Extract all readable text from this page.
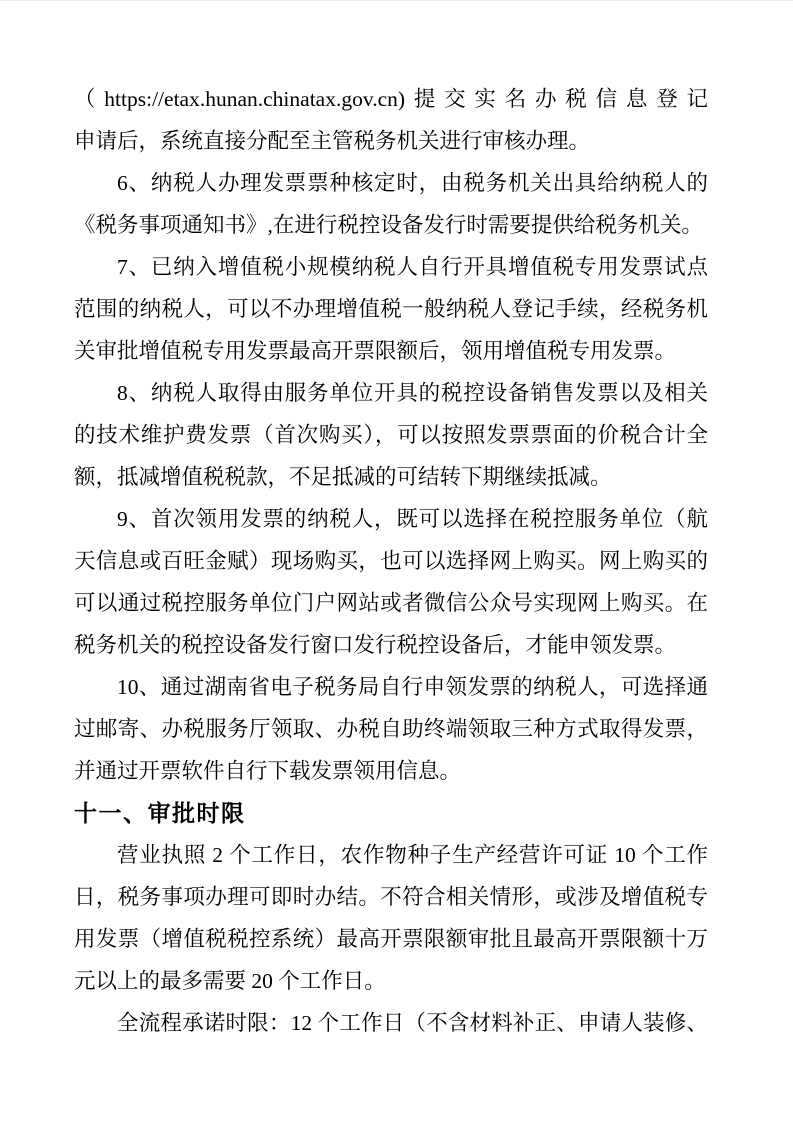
（https://etax.hunan.chinatax.gov.cn)提交实名办税信息登记
申请后，系统直接分配至主管税务机关进行审核办理。
6、纳税人办理发票票种核定时，由税务机关出具给纳税人的
《税务事项通知书》,在进行税控设备发行时需要提供给税务机关。
7、已纳入增值税小规模纳税人自行开具增值税专用发票试点
范围的纳税人，可以不办理增值税一般纳税人登记手续，经税务机
关审批增值税专用发票最高开票限额后，领用增值税专用发票。
8、纳税人取得由服务单位开具的税控设备销售发票以及相关
的技术维护费发票（首次购买），可以按照发票票面的价税合计全
额，抵减增值税税款，不足抵减的可结转下期继续抵减。
9、首次领用发票的纳税人，既可以选择在税控服务单位（航
天信息或百旺金赋）现场购买，也可以选择网上购买。网上购买的
可以通过税控服务单位门户网站或者微信公众号实现网上购买。在
税务机关的税控设备发行窗口发行税控设备后，才能申领发票。
10、通过湖南省电子税务局自行申领发票的纳税人，可选择通
过邮寄、办税服务厅领取、办税自助终端领取三种方式取得发票，
并通过开票软件自行下载发票领用信息。
十一、审批时限
营业执照 2 个工作日，农作物种子生产经营许可证 10 个工作
日，税务事项办理可即时办结。不符合相关情形，或涉及增值税专
用发票（增值税税控系统）最高开票限额审批且最高开票限额十万
元以上的最多需要 20 个工作日。
全流程承诺时限：12 个工作日（不含材料补正、申请人装修、
